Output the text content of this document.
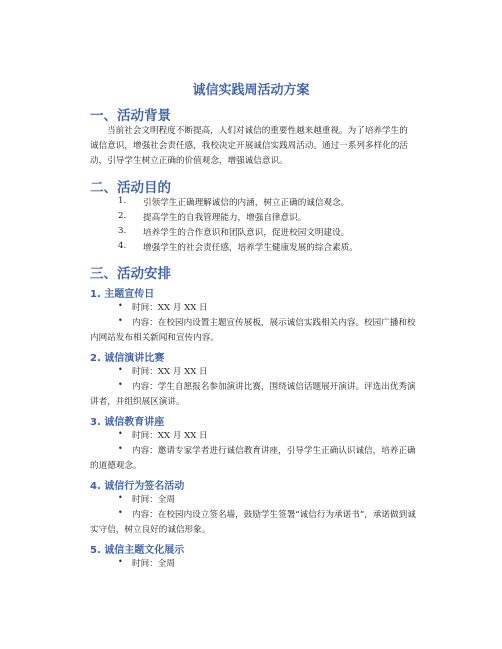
诚信实践周活动方案
一、活动背景
当前社会文明程度不断提高，人们对诚信的重要性越来越重视。为了培养学生的诚信意识，增强社会责任感，我校决定开展诚信实践周活动。通过一系列多样化的活动，引导学生树立正确的价值观念，增强诚信意识。
二、活动目的
1. 引领学生正确理解诚信的内涵，树立正确的诚信观念。
2. 提高学生的自我管理能力，增强自律意识。
3. 培养学生的合作意识和团队意识，促进校园文明建设。
4. 增强学生的社会责任感，培养学生健康发展的综合素质。
三、活动安排
1. 主题宣传日
• 时间：XX 月 XX 日
•	内容：在校园内设置主题宣传展板，展示诚信实践相关内容。校园广播和校内网站发布相关新闻和宣传内容。
2. 诚信演讲比赛
• 时间：XX 月 XX 日
•	内容：学生自愿报名参加演讲比赛，围绕诚信话题展开演讲。评选出优秀演讲者，并组织展区演讲。
3. 诚信教育讲座
• 时间：XX 月 XX 日
•	内容：邀请专家学者进行诚信教育讲座，引导学生正确认识诚信，培养正确的道德观念。
4. 诚信行为签名活动
• 时间：全周
•	内容：在校园内设立签名墙，鼓励学生签署“诚信行为承诺书”，承诺做到诚实守信，树立良好的诚信形象。
5. 诚信主题文化展示
• 时间：全周
